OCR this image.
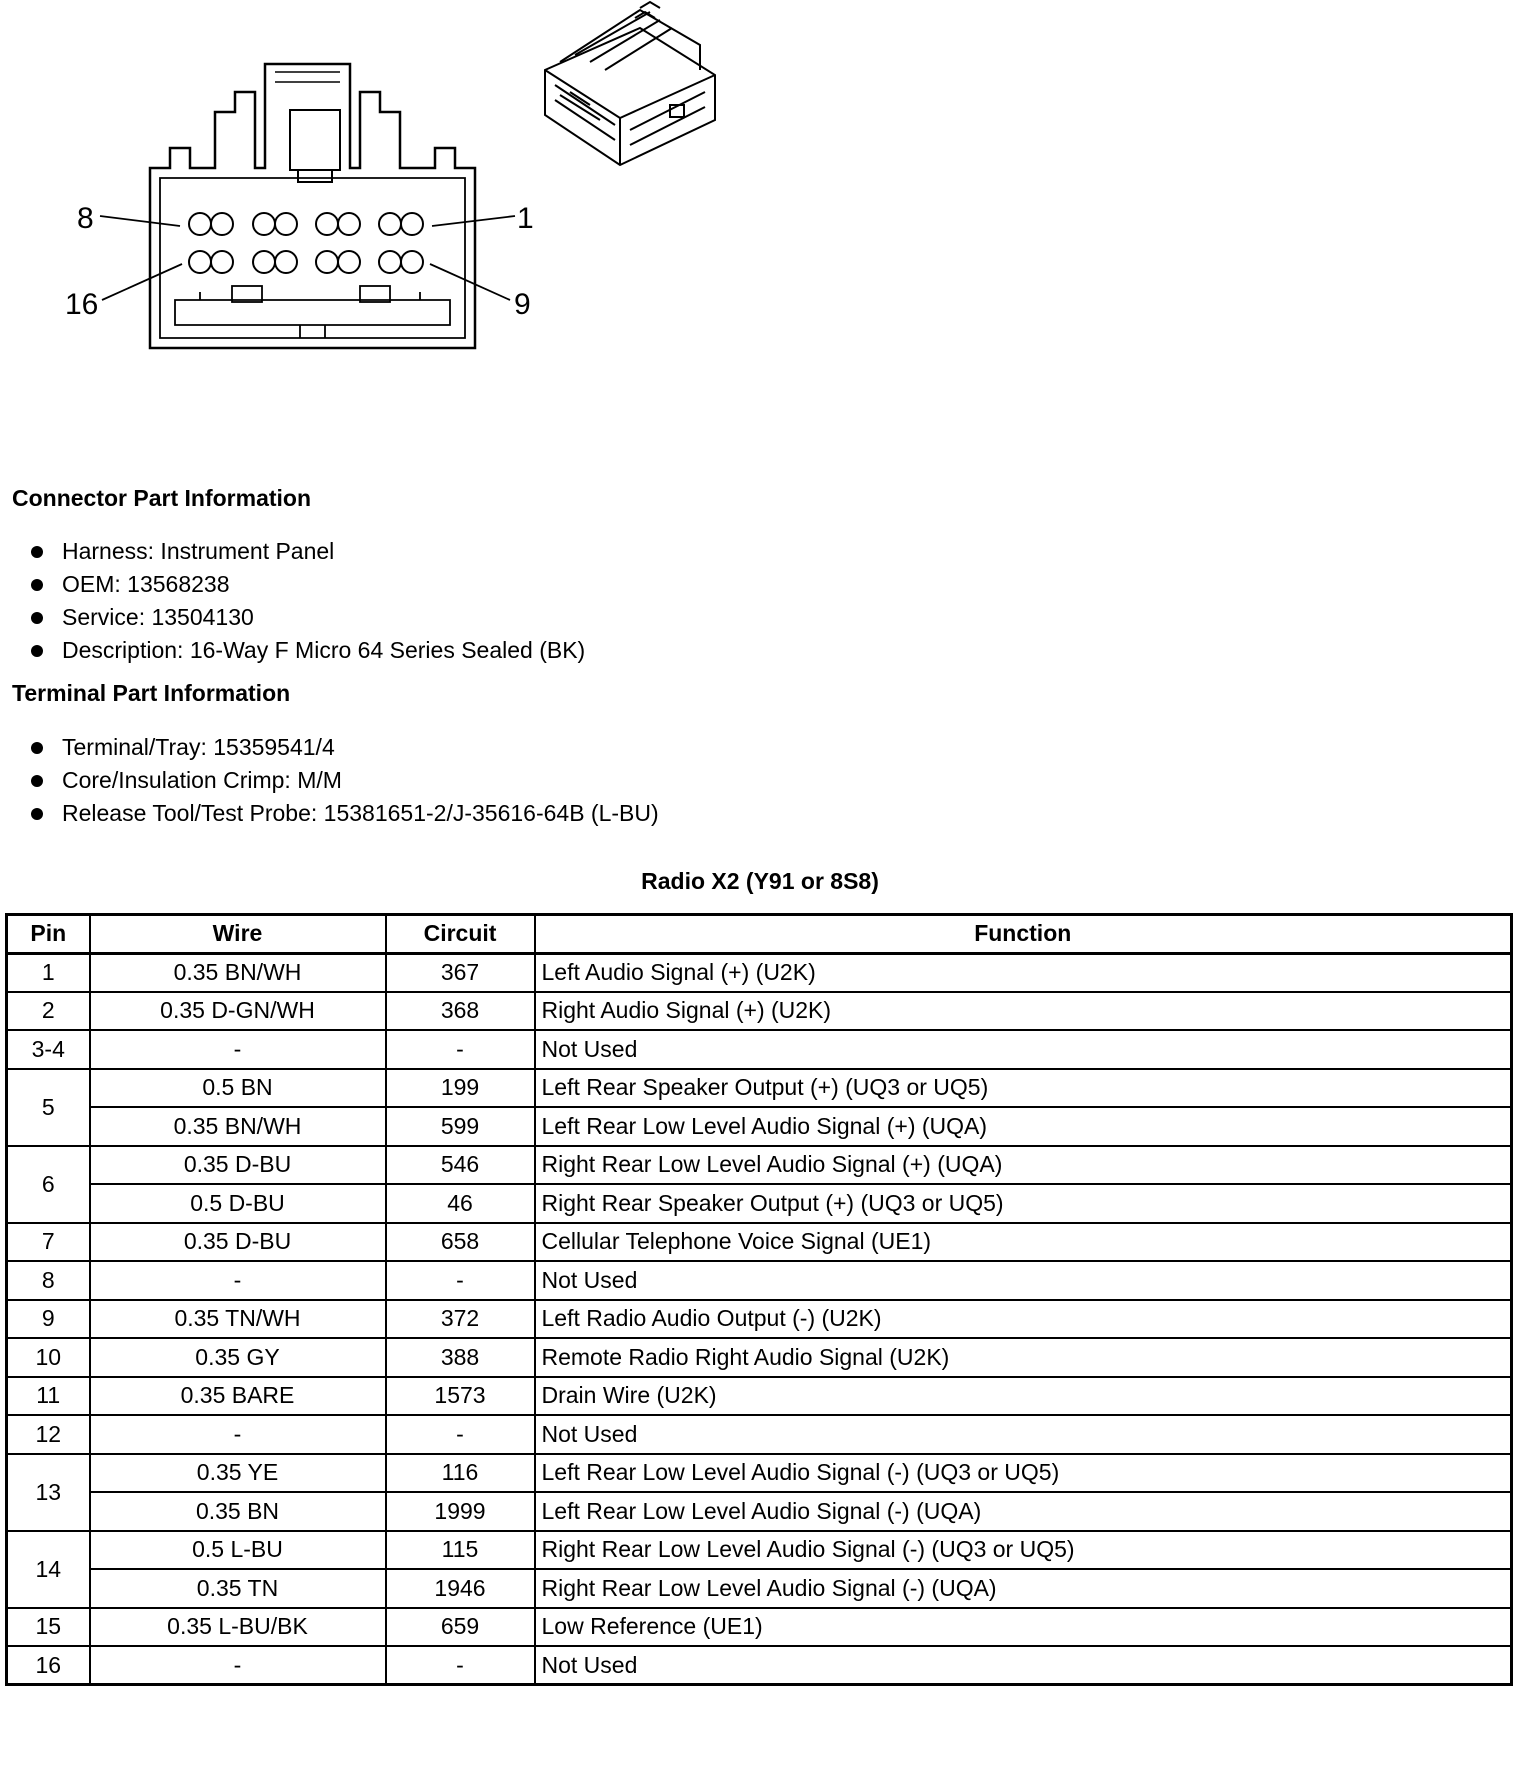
8	1
16	9
Connector Part Information
Harness: Instrument Panel
OEM: 13568238
Service: 13504130
Description: 16-Way F Micro 64 Series Sealed (BK)
Terminal Part Information
Terminal/Tray: 15359541/4
Core/Insulation Crimp: M/M
Release Tool/Test Probe: 15381651-2/J-35616-64B (L-BU)
Radio X2 (Y91 or 8S8)
Pin	Wire	Circuit	Function
1	0.35 BN/WH	367	Left Audio Signal (+) (U2K)
2	0.35 D-GN/WH	368	Right Audio Signal (+) (U2K)
3-4	-	-	Not Used
5	0.5 BN	199	Left Rear Speaker Output (+) (UQ3 or UQ5)
	0.35 BN/WH	599	Left Rear Low Level Audio Signal (+) (UQA)
6	0.35 D-BU	546	Right Rear Low Level Audio Signal (+) (UQA)
	0.5 D-BU	46	Right Rear Speaker Output (+) (UQ3 or UQ5)
7	0.35 D-BU	658	Cellular Telephone Voice Signal (UE1)
8	-	-	Not Used
9	0.35 TN/WH	372	Left Radio Audio Output (-) (U2K)
10	0.35 GY	388	Remote Radio Right Audio Signal (U2K)
11	0.35 BARE	1573	Drain Wire (U2K)
12	-	-	Not Used
13	0.35 YE	116	Left Rear Low Level Audio Signal (-) (UQ3 or UQ5)
	0.35 BN	1999	Left Rear Low Level Audio Signal (-) (UQA)
14	0.5 L-BU	115	Right Rear Low Level Audio Signal (-) (UQ3 or UQ5)
	0.35 TN	1946	Right Rear Low Level Audio Signal (-) (UQA)
15	0.35 L-BU/BK	659	Low Reference (UE1)
16	-	-	Not Used
